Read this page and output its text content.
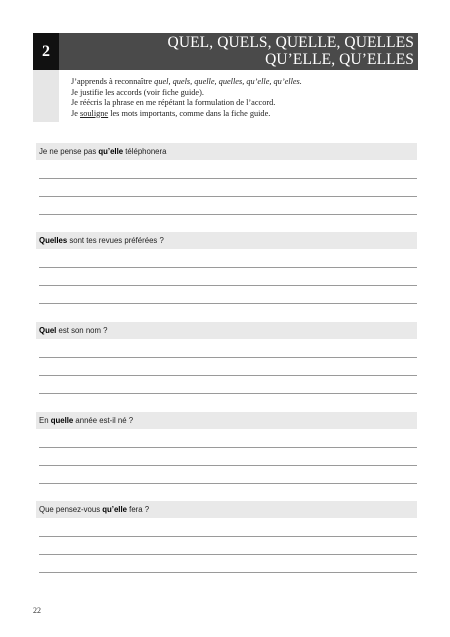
2	QUEL, QUELS, QUELLE, QUELLES
QU’ELLE, QU’ELLES
J’apprends à reconnaître quel, quels, quelle, quelles, qu’elle, qu’elles.
Je justifie les accords (voir fiche guide).
Je réécris la phrase en me répétant la formulation de l’accord.
Je souligne les mots importants, comme dans la fiche guide.
Je ne pense pas qu’elle téléphonera
Quelles sont tes revues préférées ?
Quel est son nom ?
En quelle année est-il né ?
Que pensez-vous qu’elle fera ?
22
